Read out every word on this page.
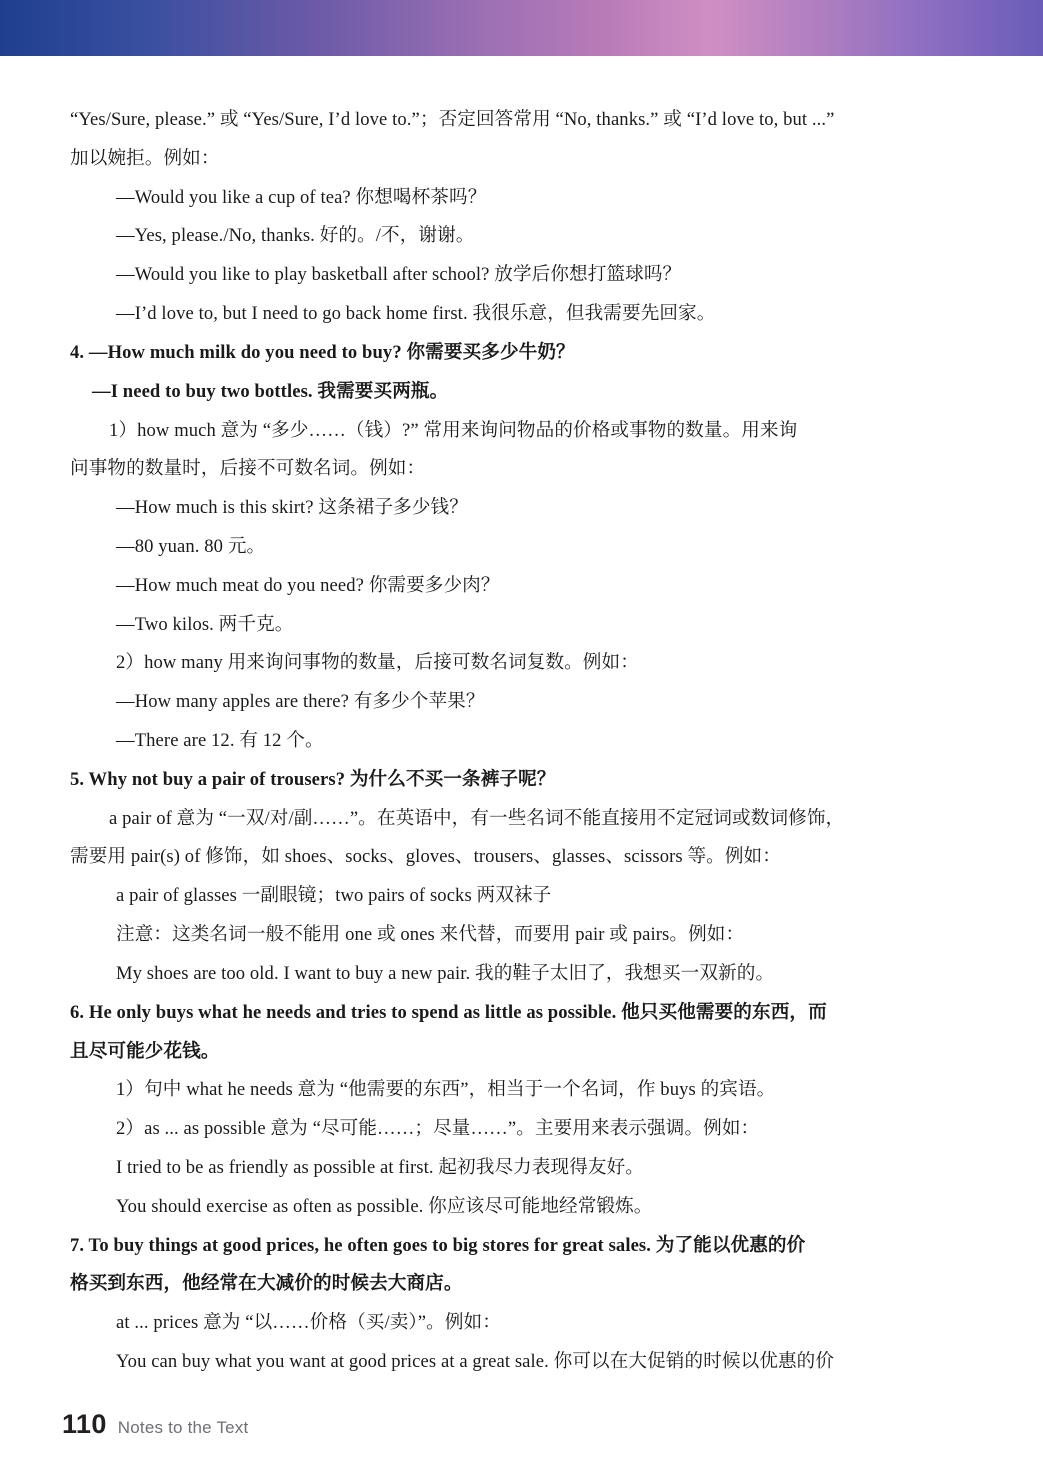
“Yes/Sure, please.” 或 “Yes/Sure, I’d love to.”；否定回答常用 “No, thanks.” 或 “I’d love to, but ...”

加以婉拒。例如：

—Would you like a cup of tea? 你想喝杯茶吗？

—Yes, please./No, thanks. 好的。/不，谢谢。

—Would you like to play basketball after school? 放学后你想打篮球吗？

—I’d love to, but I need to go back home first. 我很乐意，但我需要先回家。

4. —How much milk do you need to buy? 你需要买多少牛奶？

—I need to buy two bottles. 我需要买两瓶。

1）how much 意为 “多少……（钱）?” 常用来询问物品的价格或事物的数量。用来询

问事物的数量时，后接不可数名词。例如：

—How much is this skirt? 这条裙子多少钱？

—80 yuan. 80 元。

—How much meat do you need? 你需要多少肉？

—Two kilos. 两千克。

2）how many 用来询问事物的数量，后接可数名词复数。例如：

—How many apples are there? 有多少个苹果？

—There are 12. 有 12 个。

5. Why not buy a pair of trousers? 为什么不买一条裤子呢？

a pair of 意为 “一双/对/副……”。在英语中，有一些名词不能直接用不定冠词或数词修饰，

需要用 pair(s) of 修饰，如 shoes、socks、gloves、trousers、glasses、scissors 等。例如：

a pair of glasses 一副眼镜；two pairs of socks 两双袜子

注意：这类名词一般不能用 one 或 ones 来代替，而要用 pair 或 pairs。例如：

My shoes are too old. I want to buy a new pair. 我的鞋子太旧了，我想买一双新的。

6. He only buys what he needs and tries to spend as little as possible. 他只买他需要的东西，而

且尽可能少花钱。

1）句中 what he needs 意为 “他需要的东西”，相当于一个名词，作 buys 的宾语。

2）as ... as possible 意为 “尽可能……；尽量……”。主要用来表示强调。例如：

I tried to be as friendly as possible at first. 起初我尽力表现得友好。

You should exercise as often as possible. 你应该尽可能地经常锻炼。

7. To buy things at good prices, he often goes to big stores for great sales. 为了能以优惠的价

格买到东西，他经常在大减价的时候去大商店。

at ... prices 意为 “以……价格（买/卖）”。例如：

You can buy what you want at good prices at a great sale. 你可以在大促销的时候以优惠的价

110 Notes to the Text
